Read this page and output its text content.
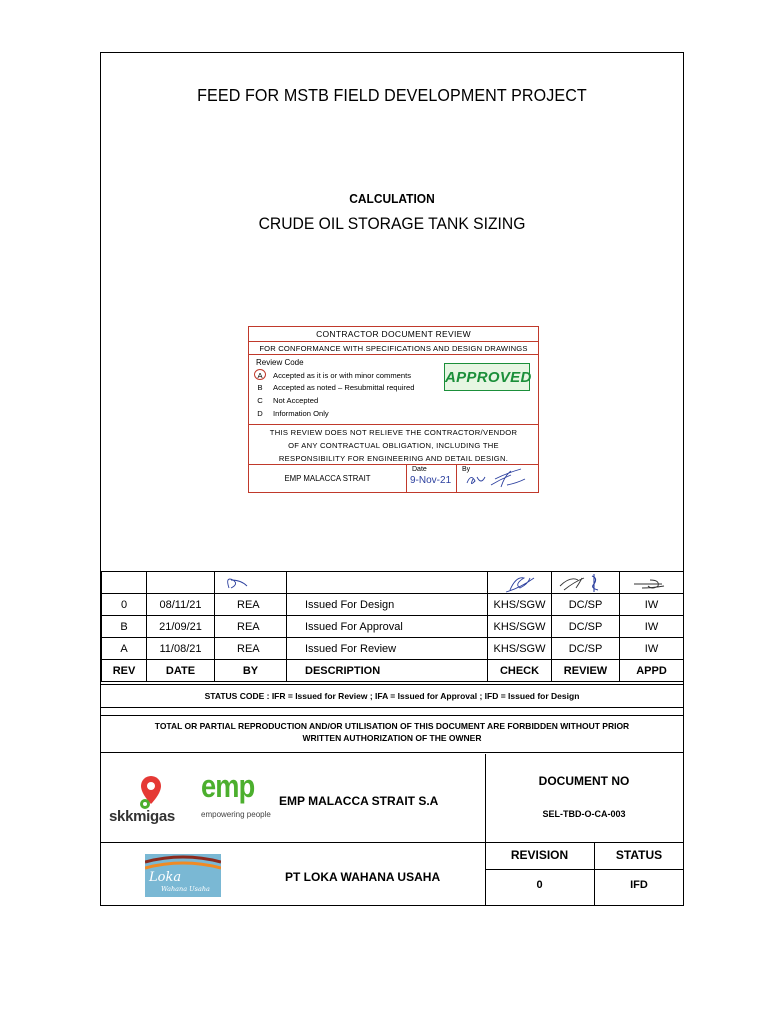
FEED FOR MSTB FIELD DEVELOPMENT PROJECT
CALCULATION
CRUDE OIL STORAGE TANK SIZING
CONTRACTOR DOCUMENT REVIEW
FOR CONFORMANCE WITH SPECIFICATIONS AND DESIGN DRAWINGS
Review Code
A Accepted as it is or with minor comments
B Accepted as noted – Resubmittal required
C Not Accepted
D Information Only
APPROVED
THIS REVIEW DOES NOT RELIEVE THE CONTRACTOR/VENDOR
OF ANY CONTRACTUAL OBLIGATION, INCLUDING THE
RESPONSIBILITY FOR ENGINEERING AND DETAIL DESIGN.
EMP MALACCA STRAIT
Date
9-Nov-21
By

0	08/11/21	REA	Issued For Design	KHS/SGW	DC/SP	IW
B	21/09/21	REA	Issued For Approval	KHS/SGW	DC/SP	IW
A	11/08/21	REA	Issued For Review	KHS/SGW	DC/SP	IW
REV	DATE	BY	DESCRIPTION	CHECK	REVIEW	APPD
STATUS CODE : IFR = Issued for Review ; IFA = Issued for Approval ; IFD = Issued for Design
TOTAL OR PARTIAL REPRODUCTION AND/OR UTILISATION OF THIS DOCUMENT ARE FORBIDDEN WITHOUT PRIOR WRITTEN AUTHORIZATION OF THE OWNER
skkmigas
emp
empowering people
EMP MALACCA STRAIT S.A
DOCUMENT NO
SEL-TBD-O-CA-003
Loka
Wahana Usaha
PT LOKA WAHANA USAHA
REVISION
0
STATUS
IFD
